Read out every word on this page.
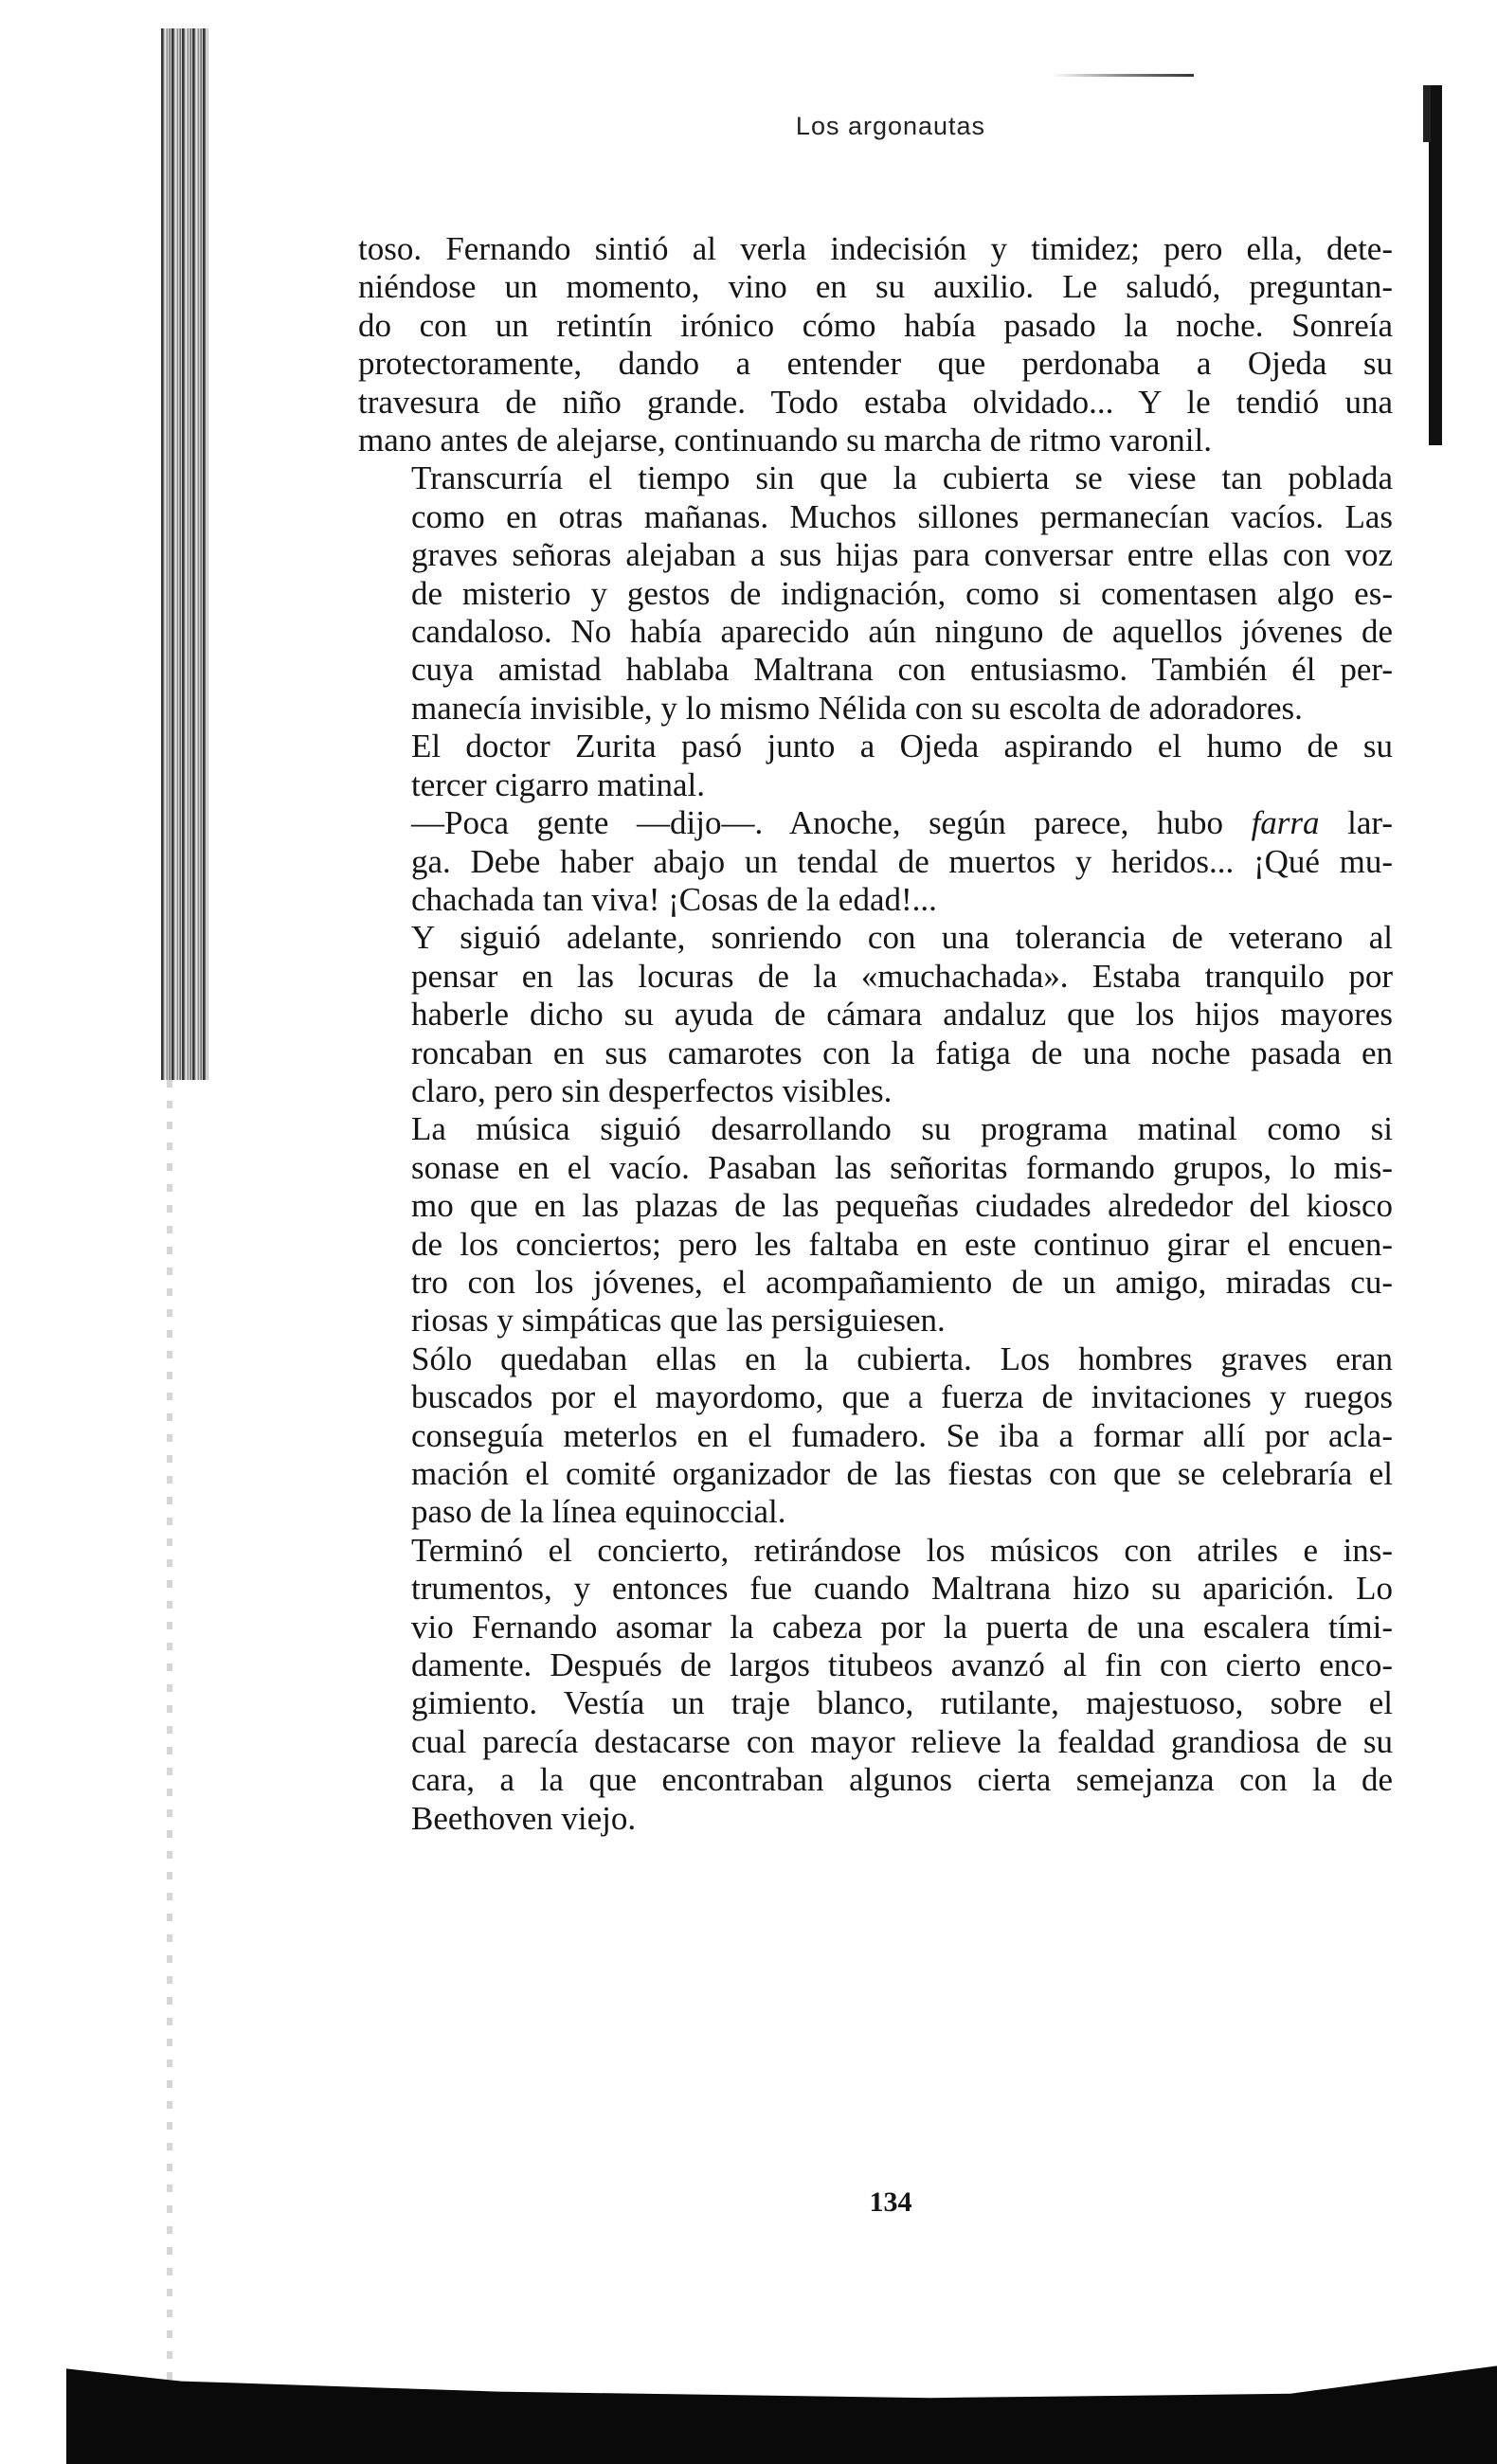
Los argonautas
toso. Fernando sintió al verla indecisión y timidez; pero ella, dete-
niéndose un momento, vino en su auxilio. Le saludó, preguntan-
do con un retintín irónico cómo había pasado la noche. Sonreía
protectoramente, dando a entender que perdonaba a Ojeda su
travesura de niño grande. Todo estaba olvidado... Y le tendió una
mano antes de alejarse, continuando su marcha de ritmo varonil.
Transcurría el tiempo sin que la cubierta se viese tan poblada
como en otras mañanas. Muchos sillones permanecían vacíos. Las
graves señoras alejaban a sus hijas para conversar entre ellas con voz
de misterio y gestos de indignación, como si comentasen algo es-
candaloso. No había aparecido aún ninguno de aquellos jóvenes de
cuya amistad hablaba Maltrana con entusiasmo. También él per-
manecía invisible, y lo mismo Nélida con su escolta de adoradores.
El doctor Zurita pasó junto a Ojeda aspirando el humo de su
tercer cigarro matinal.
—Poca gente —dijo—. Anoche, según parece, hubo farra lar-
ga. Debe haber abajo un tendal de muertos y heridos... ¡Qué mu-
chachada tan viva! ¡Cosas de la edad!...
Y siguió adelante, sonriendo con una tolerancia de veterano al
pensar en las locuras de la «muchachada». Estaba tranquilo por
haberle dicho su ayuda de cámara andaluz que los hijos mayores
roncaban en sus camarotes con la fatiga de una noche pasada en
claro, pero sin desperfectos visibles.
La música siguió desarrollando su programa matinal como si
sonase en el vacío. Pasaban las señoritas formando grupos, lo mis-
mo que en las plazas de las pequeñas ciudades alrededor del kiosco
de los conciertos; pero les faltaba en este continuo girar el encuen-
tro con los jóvenes, el acompañamiento de un amigo, miradas cu-
riosas y simpáticas que las persiguiesen.
Sólo quedaban ellas en la cubierta. Los hombres graves eran
buscados por el mayordomo, que a fuerza de invitaciones y ruegos
conseguía meterlos en el fumadero. Se iba a formar allí por acla-
mación el comité organizador de las fiestas con que se celebraría el
paso de la línea equinoccial.
Terminó el concierto, retirándose los músicos con atriles e ins-
trumentos, y entonces fue cuando Maltrana hizo su aparición. Lo
vio Fernando asomar la cabeza por la puerta de una escalera tími-
damente. Después de largos titubeos avanzó al fin con cierto enco-
gimiento. Vestía un traje blanco, rutilante, majestuoso, sobre el
cual parecía destacarse con mayor relieve la fealdad grandiosa de su
cara, a la que encontraban algunos cierta semejanza con la de
Beethoven viejo.
134
